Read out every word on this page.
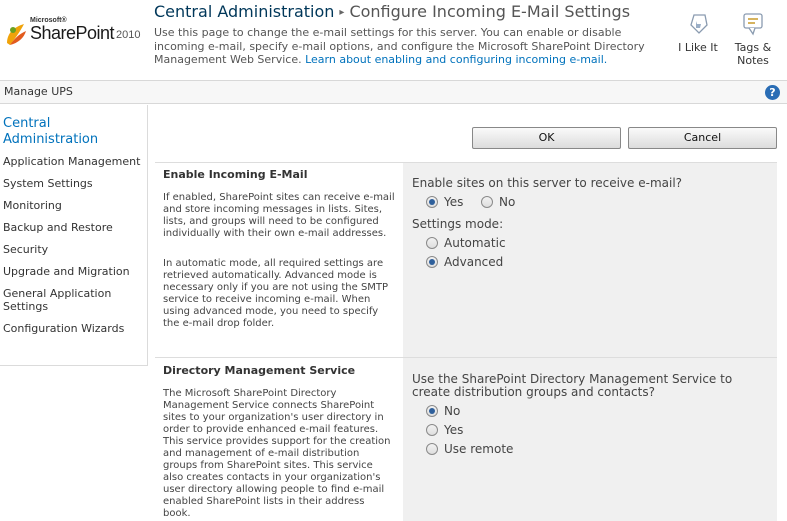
Microsoft®
SharePoint 2010
Central Administration ▸ Configure Incoming E-Mail Settings
Use this page to change the e-mail settings for this server. You can enable or disable incoming e-mail, specify e-mail options, and configure the Microsoft SharePoint Directory Management Web Service. Learn about enabling and configuring incoming e-mail.
I Like It	Tags & Notes
Manage UPS	?
Central Administration
Application Management
System Settings
Monitoring
Backup and Restore
Security
Upgrade and Migration
General Application Settings
Configuration Wizards
OK	Cancel
Enable Incoming E-Mail
If enabled, SharePoint sites can receive e-mail and store incoming messages in lists. Sites, lists, and groups will need to be configured individually with their own e-mail addresses.
In automatic mode, all required settings are retrieved automatically. Advanced mode is necessary only if you are not using the SMTP service to receive incoming e-mail. When using advanced mode, you need to specify the e-mail drop folder.
Enable sites on this server to receive e-mail?
Yes	No
Settings mode:
Automatic
Advanced
Directory Management Service
The Microsoft SharePoint Directory Management Service connects SharePoint sites to your organization's user directory in order to provide enhanced e-mail features. This service provides support for the creation and management of e-mail distribution groups from SharePoint sites. This service also creates contacts in your organization's user directory allowing people to find e-mail enabled SharePoint lists in their address book.
Use the SharePoint Directory Management Service to create distribution groups and contacts?
No
Yes
Use remote
